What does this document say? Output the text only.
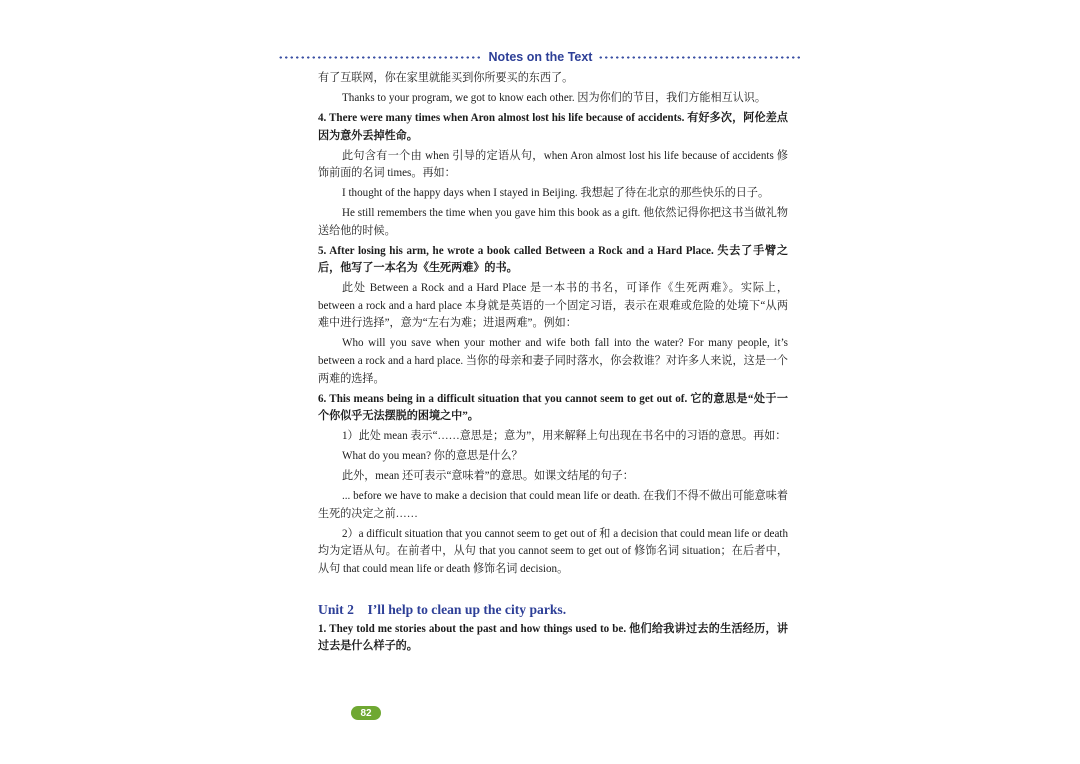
Notes on the Text

有了互联网，你在家里就能买到你所要买的东西了。

Thanks to your program, we got to know each other. 因为你们的节目，我们方能相互认识。

4. There were many times when Aron almost lost his life because of accidents. 有好多次，阿伦差点因为意外丢掉性命。

此句含有一个由 when 引导的定语从句，when Aron almost lost his life because of accidents 修饰前面的名词 times。再如：

I thought of the happy days when I stayed in Beijing. 我想起了待在北京的那些快乐的日子。

He still remembers the time when you gave him this book as a gift. 他依然记得你把这书当做礼物送给他的时候。

5. After losing his arm, he wrote a book called Between a Rock and a Hard Place. 失去了手臂之后，他写了一本名为《生死两难》的书。

此处 Between a Rock and a Hard Place 是一本书的书名，可译作《生死两难》。实际上，between a rock and a hard place 本身就是英语的一个固定习语，表示在艰难或危险的处境下“从两难中进行选择”，意为“左右为难；进退两难”。例如：

Who will you save when your mother and wife both fall into the water? For many people, it’s between a rock and a hard place. 当你的母亲和妻子同时落水，你会救谁？对许多人来说，这是一个两难的选择。

6. This means being in a difficult situation that you cannot seem to get out of. 它的意思是“处于一个你似乎无法摆脱的困境之中”。

1）此处 mean 表示“……意思是；意为”，用来解释上句出现在书名中的习语的意思。再如：

What do you mean? 你的意思是什么？

此外，mean 还可表示“意味着”的意思。如课文结尾的句子：

... before we have to make a decision that could mean life or death. 在我们不得不做出可能意味着生死的决定之前……

2）a difficult situation that you cannot seem to get out of 和 a decision that could mean life or death 均为定语从句。在前者中，从句 that you cannot seem to get out of 修饰名词 situation；在后者中，从句 that could mean life or death 修饰名词 decision。

Unit 2    I’ll help to clean up the city parks.

1. They told me stories about the past and how things used to be. 他们给我讲过去的生活经历，讲过去是什么样子的。

82
